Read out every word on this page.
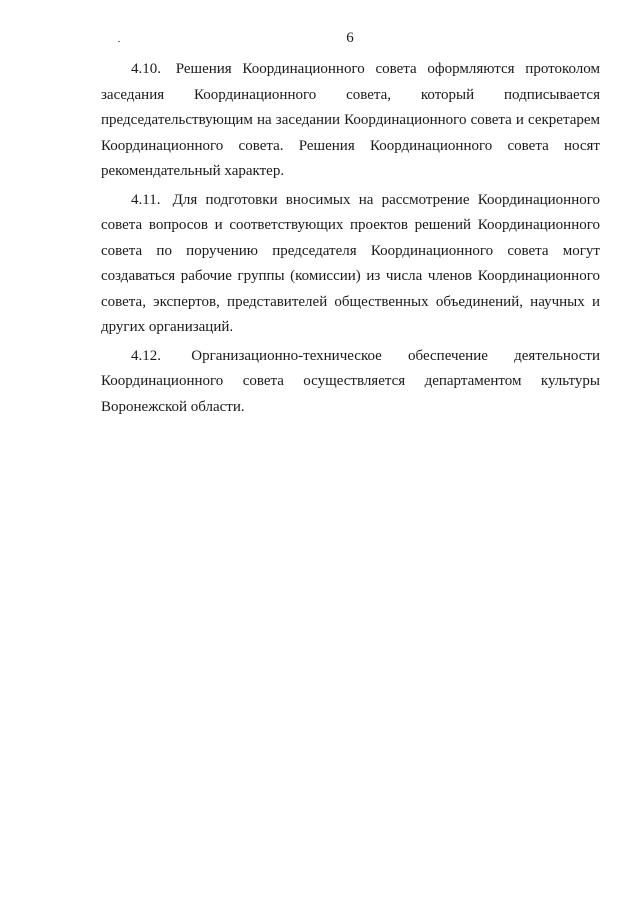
6

4.10. Решения Координационного совета оформляются протоколом заседания Координационного совета, который подписывается председательствующим на заседании Координационного совета и секретарем Координационного совета. Решения Координационного совета носят рекомендательный характер.

4.11. Для подготовки вносимых на рассмотрение Координационного совета вопросов и соответствующих проектов решений Координационного совета по поручению председателя Координационного совета могут создаваться рабочие группы (комиссии) из числа членов Координационного совета, экспертов, представителей общественных объединений, научных и других организаций.

4.12. Организационно-техническое обеспечение деятельности Координационного совета осуществляется департаментом культуры Воронежской области.
